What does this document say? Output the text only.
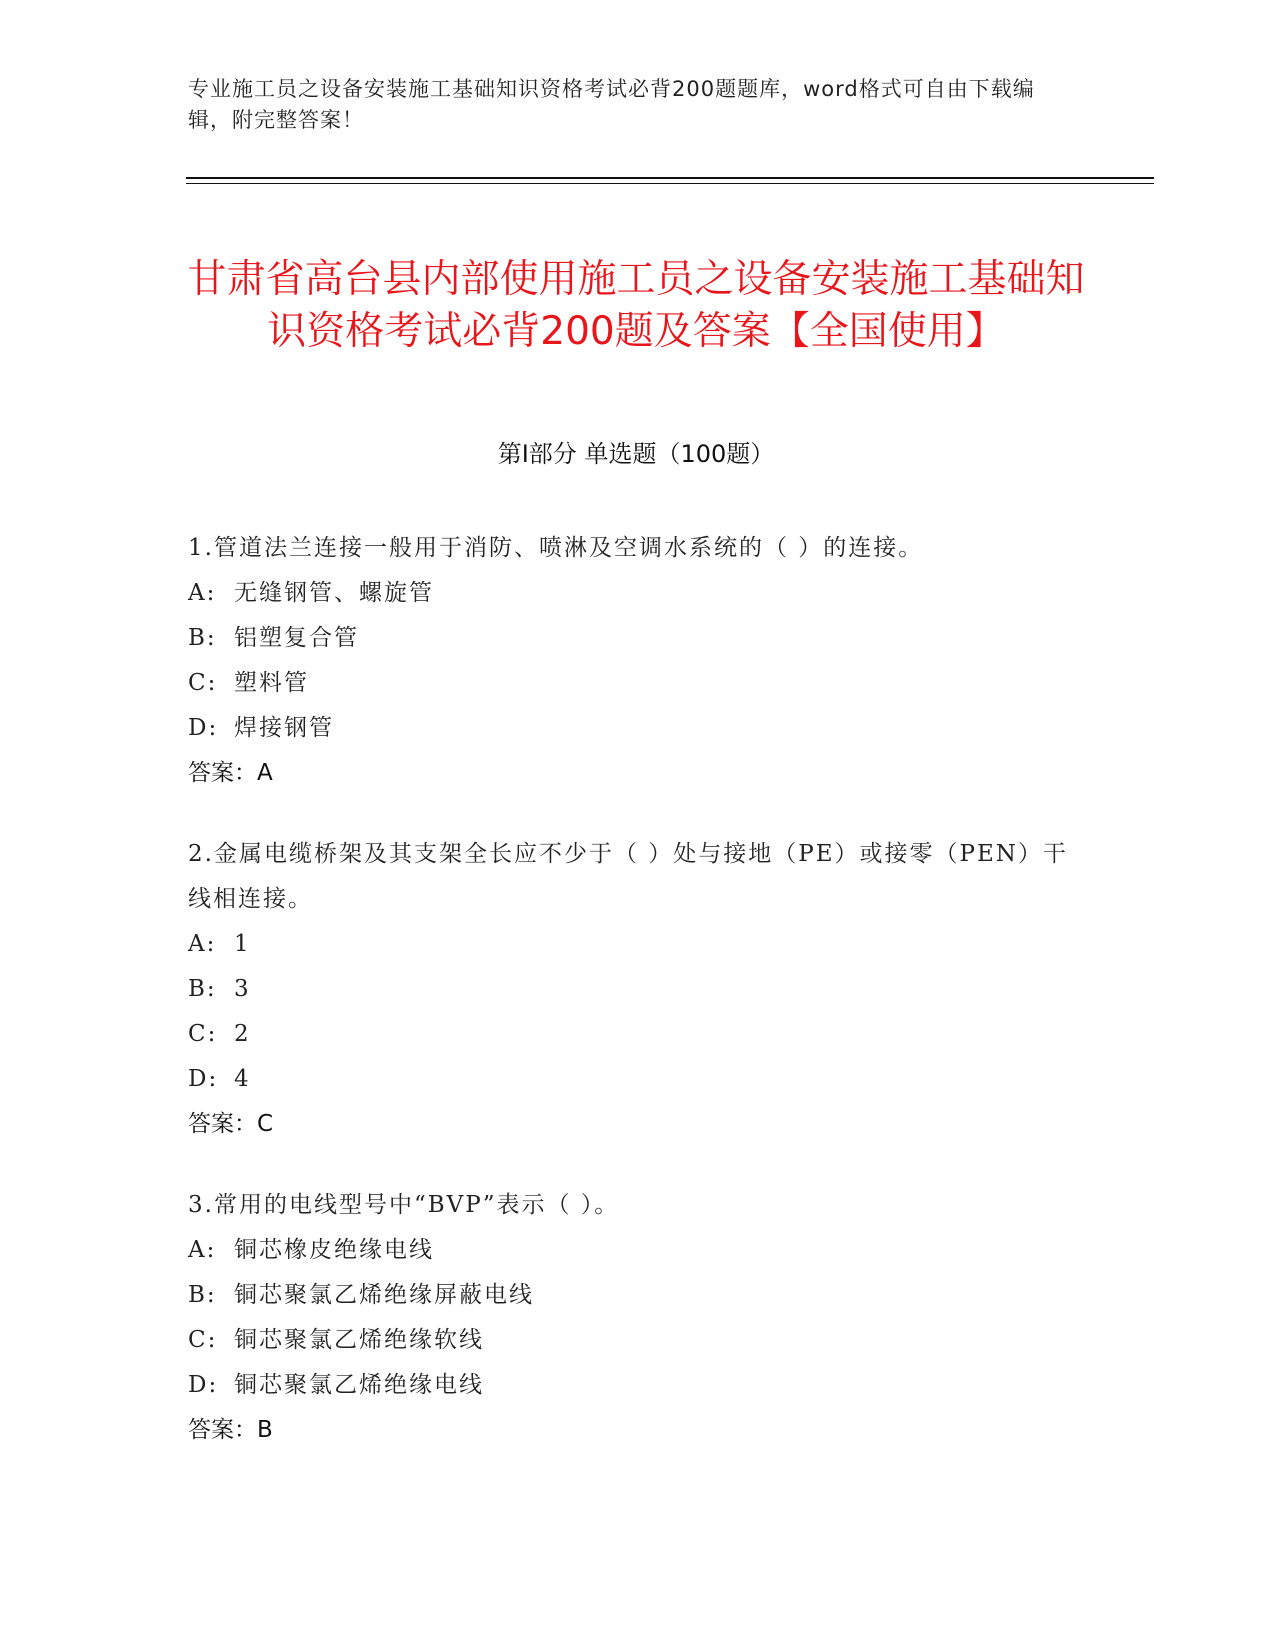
专业施工员之设备安装施工基础知识资格考试必背200题题库，word格式可自由下载编辑，附完整答案！
甘肃省高台县内部使用施工员之设备安装施工基础知识资格考试必背200题及答案【全国使用】
第I部分 单选题（100题）

1.管道法兰连接一般用于消防、喷淋及空调水系统的（ ）的连接。

A: 无缝钢管、螺旋管

B: 铝塑复合管

C: 塑料管

D: 焊接钢管

答案：A

2.金属电缆桥架及其支架全长应不少于（ ）处与接地（PE）或接零（PEN）干线相连接。

A: 1

B: 3

C: 2

D: 4

答案：C

3.常用的电线型号中“BVP”表示（ ）。

A: 铜芯橡皮绝缘电线

B: 铜芯聚氯乙烯绝缘屏蔽电线

C: 铜芯聚氯乙烯绝缘软线

D: 铜芯聚氯乙烯绝缘电线

答案：B
